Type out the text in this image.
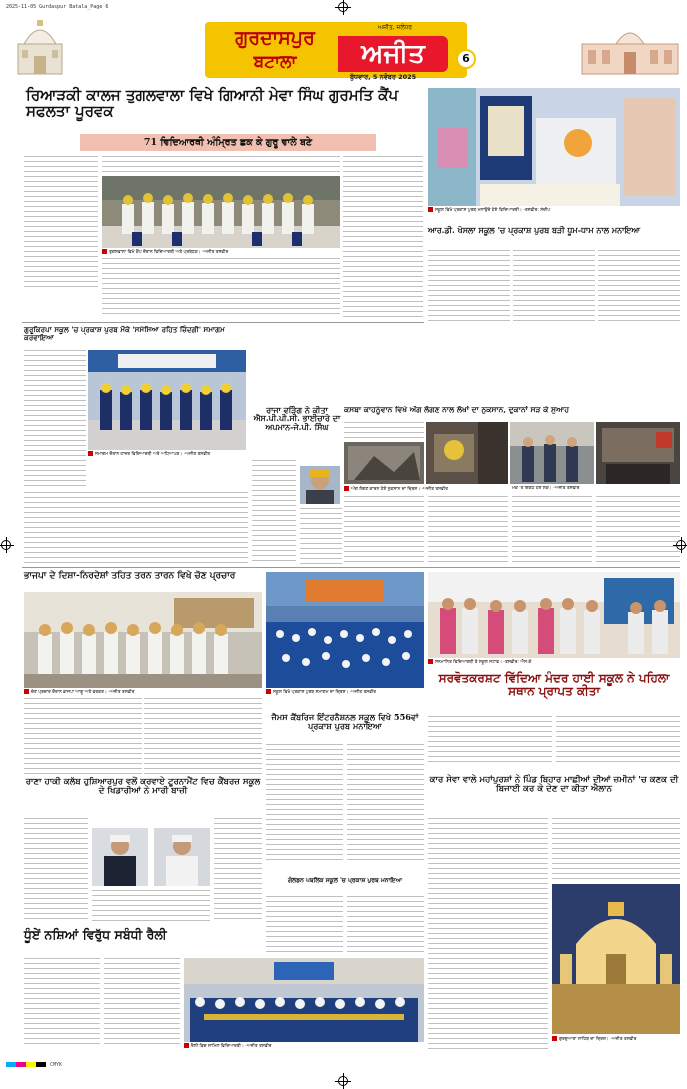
2025-11-05 Gurdaspur Batala_Page 6
ਗੁਰਦਾਸਪੁਰ
ਬਟਾਲਾ	ਅਜੀਤ
ਅਜੀਤ, ਜਲੰਧਰ
ਬੁੱਧਵਾਰ, 5 ਨਵੰਬਰ 2025
6
ਰਿਆੜਕੀ ਕਾਲਜ ਤੁਗਲਵਾਲਾ ਵਿਖੇ ਗਿਆਨੀ ਮੇਵਾ ਸਿੰਘ ਗੁਰਮਤਿ ਕੈਂਪ ਸਫਲਤਾ ਪੂਰਵਕ
71 ਵਿਦਿਆਰਥੀ ਅੰਮ੍ਰਿਤ ਛਕ ਕੇ ਗੁਰੂ ਵਾਲੇ ਬਣੇ
ਤੁਗਲਵਾਲਾ ਵਿਖੇ ਕੈਂਪ ਦੌਰਾਨ ਵਿਦਿਆਰਥੀ ਅਤੇ ਪ੍ਰਬੰਧਕ। -ਅਜੀਤ ਤਸਵੀਰ
ਸਕੂਲ ਵਿਖੇ ਪ੍ਰਕਾਸ਼ ਪੁਰਬ ਮਨਾਉਂਦੇ ਹੋਏ ਵਿਦਿਆਰਥੀ। -ਤਸਵੀਰ: ਸੰਦੀਪ
ਆਰ.ਡੀ. ਖੋਸਲਾ ਸਕੂਲ 'ਚ ਪ੍ਰਕਾਸ਼ ਪੁਰਬ ਬੜੀ ਧੂਮ-ਧਾਮ ਨਾਲ ਮਨਾਇਆ
ਗੁਰੂਕਿਰਪਾ ਸਕੂਲ 'ਚ ਪ੍ਰਕਾਸ਼ ਪੁਰਬ ਮੌਕੇ 'ਸਮੱਸਿਆ ਰਹਿਤ ਜ਼ਿੰਦਗੀ' ਸਮਾਗਮ ਕਰਵਾਇਆ
ਸਮਾਗਮ ਦੌਰਾਨ ਹਾਜ਼ਰ ਵਿਦਿਆਰਥੀ ਅਤੇ ਅਧਿਆਪਕ। -ਅਜੀਤ ਤਸਵੀਰ
ਰਾਜਾ ਵੜਿੰਗ ਨੇ ਕੀਤਾ ਐਸ.ਪੀ.ਪੀ.ਸੀ. ਭਾਈਚਾਰੇ ਦਾ ਅਪਮਾਨ-ਜੇ.ਪੀ. ਸਿੰਘ
ਕਸਬਾ ਕਾਹਨੂੰਵਾਨ ਵਿਖੇ ਅੱਗ ਲੱਗਣ ਨਾਲ ਲੱਖਾਂ ਦਾ ਨੁਕਸਾਨ, ਦੁਕਾਨਾਂ ਸੜ ਕੇ ਸੁਆਹ
ਅੱਗ ਲੱਗਣ ਕਾਰਨ ਹੋਏ ਨੁਕਸਾਨ ਦਾ ਦ੍ਰਿਸ਼। -ਅਜੀਤ ਤਸਵੀਰ	ਮੌਕੇ 'ਤੇ ਇਕੱਠੇ ਹੋਏ ਲੋਕ। -ਅਜੀਤ ਤਸਵੀਰ
ਭਾਜਪਾ ਦੇ ਦਿਸ਼ਾ-ਨਿਰਦੇਸ਼ਾਂ ਤਹਿਤ ਤਰਨ ਤਾਰਨ ਵਿਖੇ ਚੋਣ ਪ੍ਰਚਾਰ
ਚੋਣ ਪ੍ਰਚਾਰ ਦੌਰਾਨ ਭਾਜਪਾ ਆਗੂ ਅਤੇ ਵਰਕਰ। -ਅਜੀਤ ਤਸਵੀਰ	ਸਕੂਲ ਵਿਖੇ ਪ੍ਰਕਾਸ਼ ਪੁਰਬ ਸਮਾਗਮ ਦਾ ਦ੍ਰਿਸ਼। -ਅਜੀਤ ਤਸਵੀਰ
ਜੈਮਸ ਕੈਂਬਰਿਜ ਇੰਟਰਨੈਸ਼ਨਲ ਸਕੂਲ ਵਿਖੇ 556ਵਾਂ ਪ੍ਰਕਾਸ਼ ਪੁਰਬ ਮਨਾਇਆ
ਸਨਮਾਨਿਤ ਵਿਦਿਆਰਥੀ ਤੇ ਸਕੂਲ ਸਟਾਫ। -ਤਸਵੀਰ: ਐਸ.ਕੇ
ਸਰਵੋਤਕਰਸ਼ਟ ਵਿੱਦਿਆ ਮੰਦਰ ਹਾਈ ਸਕੂਲ ਨੇ ਪਹਿਲਾ ਸਥਾਨ ਪ੍ਰਾਪਤ ਕੀਤਾ
ਰਾਣਾ ਹਾਕੀ ਕਲੱਬ ਹੁਸ਼ਿਆਰਪੁਰ ਵਲੋਂ ਕਰਵਾਏ ਟੂਰਨਾਮੈਂਟ ਵਿਚ ਕੈਂਬਰਜ਼ ਸਕੂਲ ਦੇ ਖਿਡਾਰੀਆਂ ਨੇ ਮਾਰੀ ਬਾਜ਼ੀ
ਕਾਰ ਸੇਵਾ ਵਾਲੇ ਮਹਾਂਪੁਰਸ਼ਾਂ ਨੇ ਪਿੰਡ ਬਿਹਾਰ ਮਾਛੀਆਂ ਦੀਆਂ ਜ਼ਮੀਨਾਂ 'ਚ ਕਣਕ ਦੀ ਬਿਜਾਈ ਕਰ ਕੇ ਦੇਣ ਦਾ ਕੀਤਾ ਐਲਾਨ
ਗੁਰਦੁਆਰਾ ਸਾਹਿਬ ਦਾ ਦ੍ਰਿਸ਼। -ਅਜੀਤ ਤਸਵੀਰ
ਗੋਲਡਨ ਪਬਲਿਕ ਸਕੂਲ 'ਚ ਪ੍ਰਕਾਸ਼ ਪੁਰਬ ਮਨਾਇਆ
ਧੂੰਏਂ ਨਸ਼ਿਆਂ ਵਿਰੁੱਧ ਸਬੰਧੀ ਰੈਲੀ
ਰੈਲੀ ਵਿਚ ਸ਼ਾਮਿਲ ਵਿਦਿਆਰਥੀ। -ਅਜੀਤ ਤਸਵੀਰ
CMYK
